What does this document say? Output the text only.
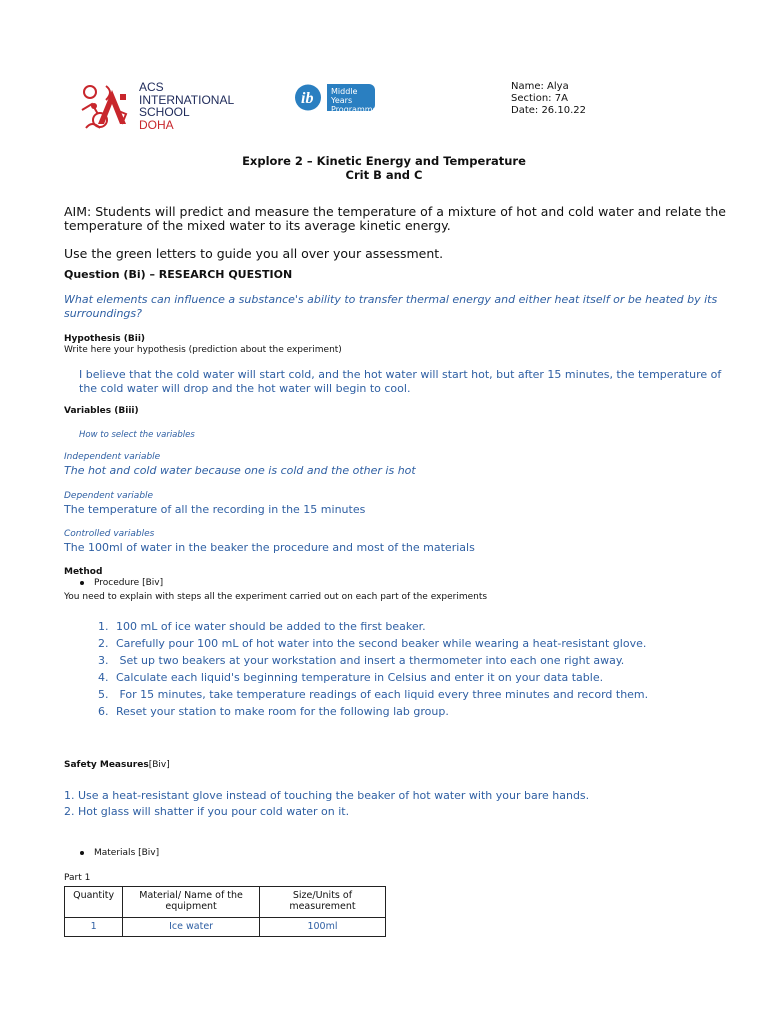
ACS
INTERNATIONAL
SCHOOL
DOHA
ib	Middle Years Programme
Name: Alya
Section: 7A
Date: 26.10.22
Explore 2 – Kinetic Energy and Temperature
Crit B and C
AIM: Students will predict and measure the temperature of a mixture of hot and cold water and relate the temperature of the mixed water to its average kinetic energy.
Use the green letters to guide you all over your assessment.
Question (Bi) – RESEARCH QUESTION
What elements can influence a substance's ability to transfer thermal energy and either heat itself or be heated by its surroundings?
Hypothesis (Bii)
Write here your hypothesis (prediction about the experiment)
I believe that the cold water will start cold, and the hot water will start hot, but after 15 minutes, the temperature of the cold water will drop and the hot water will begin to cool.
Variables (Biii)
How to select the variables
Independent variable
The hot and cold water because one is cold and the other is hot
Dependent variable
The temperature of all the recording in the 15 minutes
Controlled variables
The 100ml of water in the beaker the procedure and most of the materials
Method
Procedure [Biv]
You need to explain with steps all the experiment carried out on each part of the experiments
1. 100 mL of ice water should be added to the first beaker.
2. Carefully pour 100 mL of hot water into the second beaker while wearing a heat-resistant glove.
3. Set up two beakers at your workstation and insert a thermometer into each one right away.
4. Calculate each liquid's beginning temperature in Celsius and enter it on your data table.
5. For 15 minutes, take temperature readings of each liquid every three minutes and record them.
6. Reset your station to make room for the following lab group.
Safety Measures[Biv]
1. Use a heat-resistant glove instead of touching the beaker of hot water with your bare hands.
2. Hot glass will shatter if you pour cold water on it.
Materials [Biv]
Part 1
Quantity	Material/ Name of the equipment	Size/Units of measurement
1	Ice water	100ml
